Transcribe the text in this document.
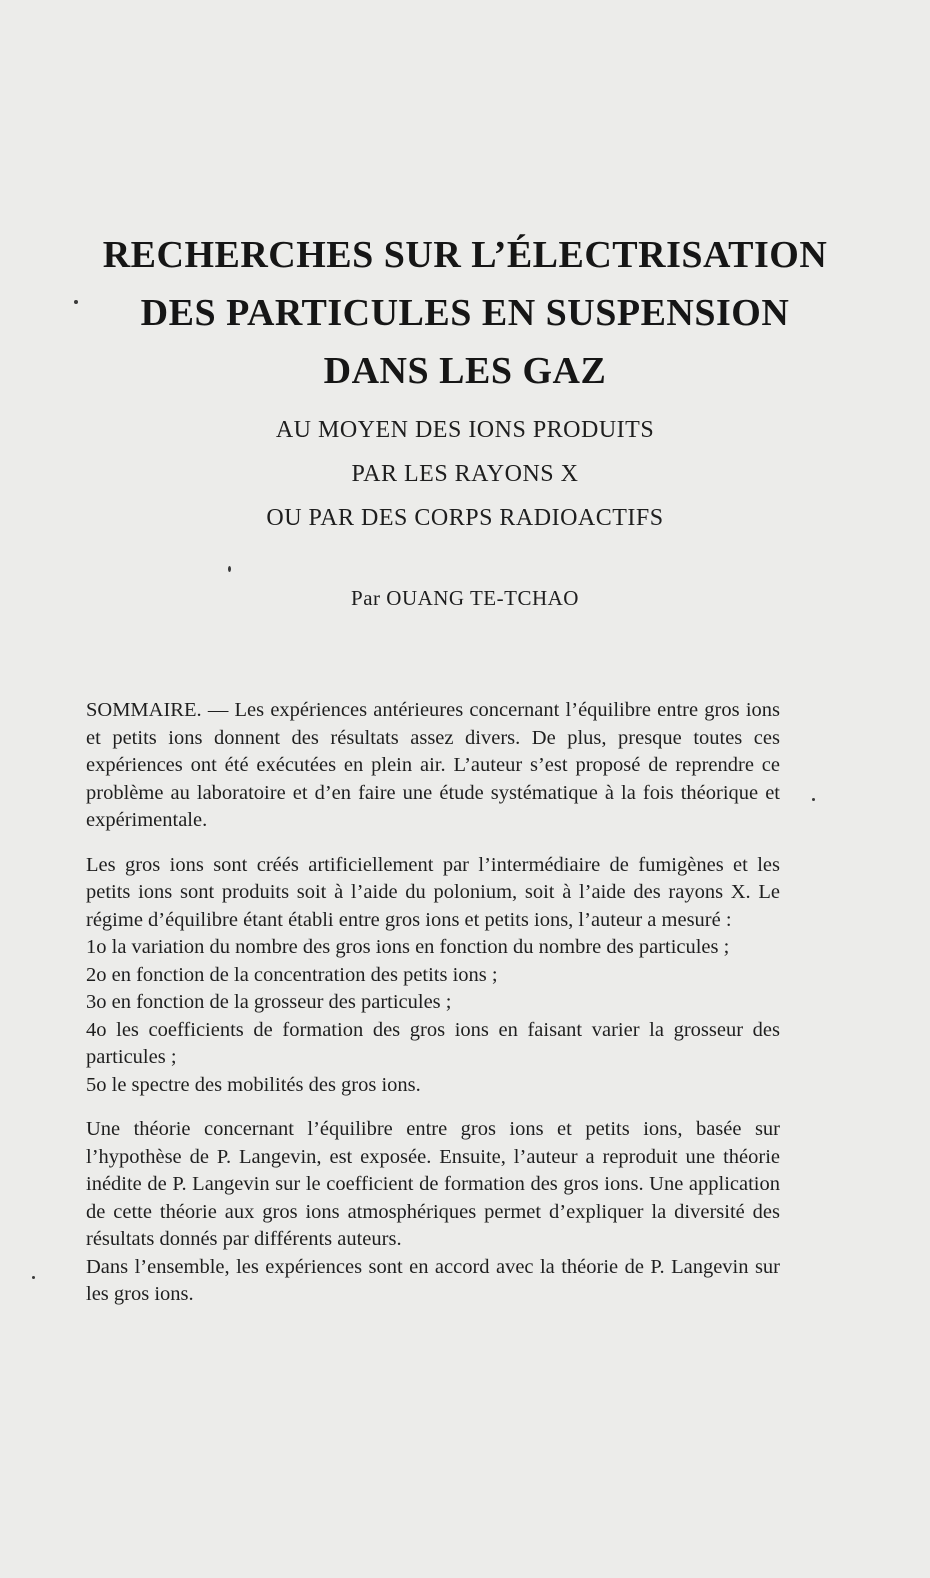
RECHERCHES SUR L’ÉLECTRISATION
DES PARTICULES EN SUSPENSION
DANS LES GAZ
AU MOYEN DES IONS PRODUITS
PAR LES RAYONS X
OU PAR DES CORPS RADIOACTIFS
Par OUANG TE-TCHAO

SOMMAIRE. — Les expériences antérieures concernant l’équilibre entre gros ions et petits ions donnent des résultats assez divers. De plus, presque toutes ces expériences ont été exécutées en plein air. L’auteur s’est proposé de reprendre ce problème au laboratoire et d’en faire une étude systématique à la fois théorique et expérimentale.

Les gros ions sont créés artificiellement par l’intermédiaire de fumigènes et les petits ions sont produits soit à l’aide du polonium, soit à l’aide des rayons X. Le régime d’équilibre étant établi entre gros ions et petits ions, l’auteur a mesuré :

1o la variation du nombre des gros ions en fonction du nombre des particules ;

2o en fonction de la concentration des petits ions ;

3o en fonction de la grosseur des particules ;

4o les coefficients de formation des gros ions en faisant varier la grosseur des particules ;

5o le spectre des mobilités des gros ions.

Une théorie concernant l’équilibre entre gros ions et petits ions, basée sur l’hypothèse de P. Langevin, est exposée. Ensuite, l’auteur a reproduit une théorie inédite de P. Langevin sur le coefficient de formation des gros ions. Une application de cette théorie aux gros ions atmosphériques permet d’expliquer la diversité des résultats donnés par différents auteurs.

Dans l’ensemble, les expériences sont en accord avec la théorie de P. Langevin sur les gros ions.
